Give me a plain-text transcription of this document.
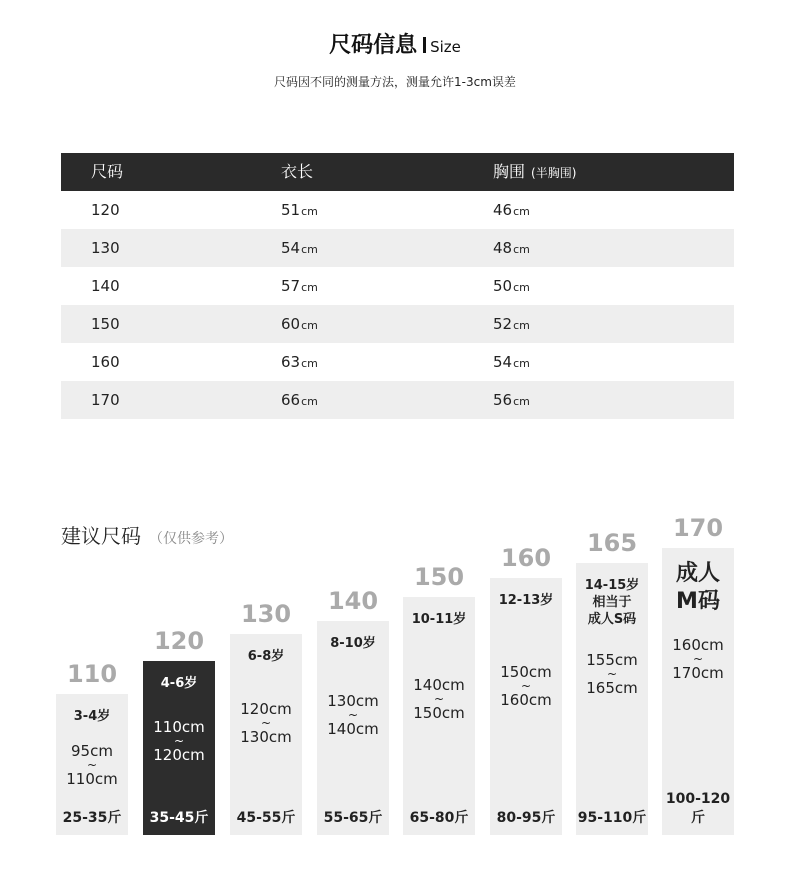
尺码信息 Size
尺码因不同的测量方法，测量允许1-3cm误差
尺码	衣长	胸围 (半胸围)
120	51cm	46cm
130	54cm	48cm
140	57cm	50cm
150	60cm	52cm
160	63cm	54cm
170	66cm	56cm
建议尺码 （仅供参考）
110
3-4岁
95cm
~
110cm
25-35斤
120
4-6岁
110cm
~
120cm
35-45斤
130
6-8岁
120cm
~
130cm
45-55斤
140
8-10岁
130cm
~
140cm
55-65斤
150
10-11岁
140cm
~
150cm
65-80斤
160
12-13岁
150cm
~
160cm
80-95斤
165
14-15岁
相当于
成人S码
155cm
~
165cm
95-110斤
170
成人
M码
160cm
~
170cm
100-120斤
